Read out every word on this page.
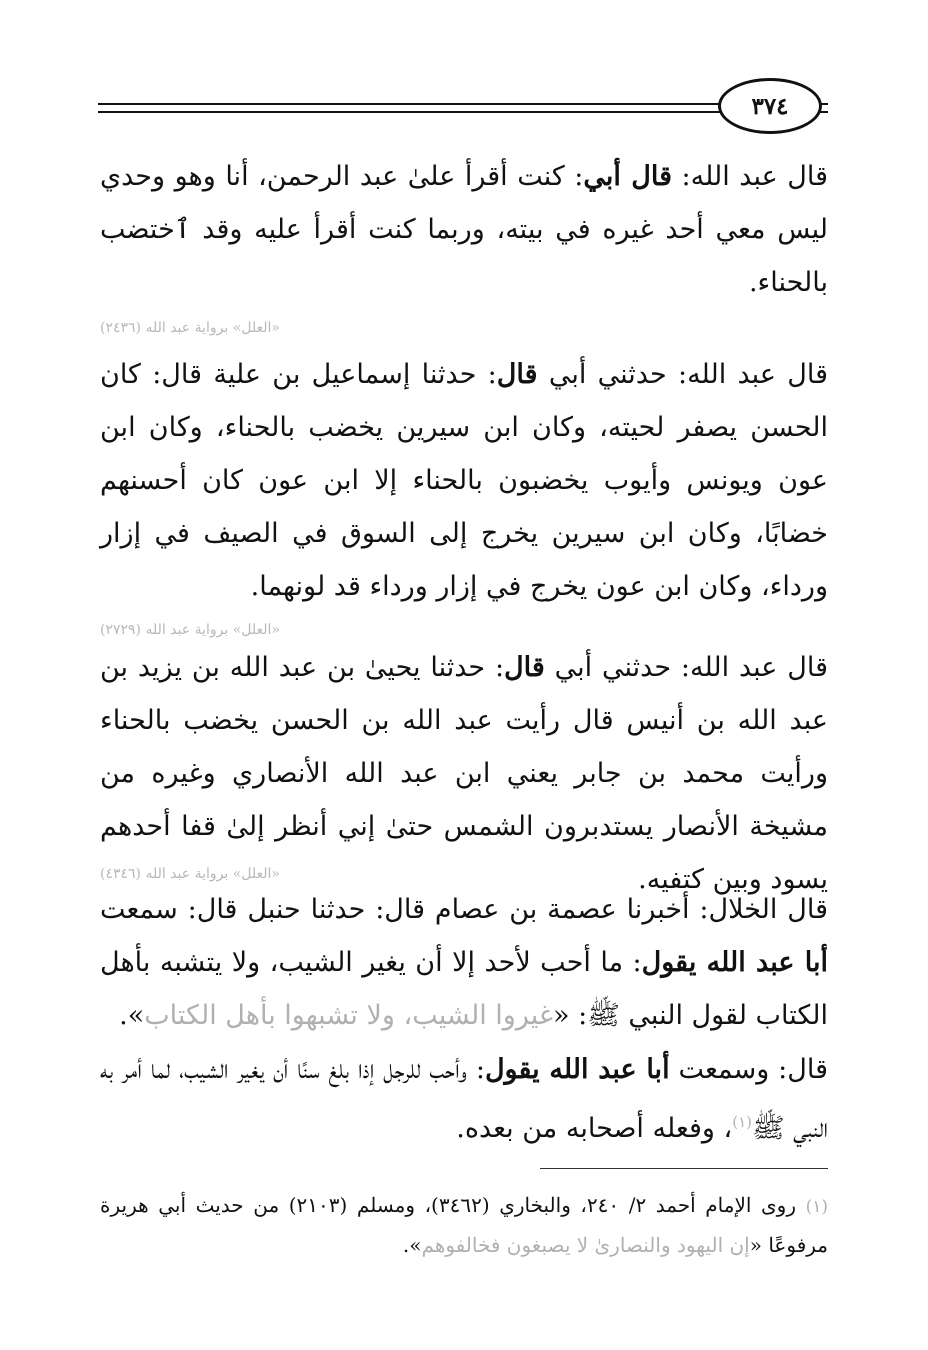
٣٧٤
قال عبد الله: قال أبي: كنت أقرأ علىٰ عبد الرحمن، أنا وهو وحدي ليس معي أحد غيره في بيته، وربما كنت أقرأ عليه وقد ٱختضب بالحناء.
«العلل» برواية عبد الله (٢٤٣٦)
قال عبد الله: حدثني أبي قال: حدثنا إسماعيل بن علية قال: كان الحسن يصفر لحيته، وكان ابن سيرين يخضب بالحناء، وكان ابن عون ويونس وأيوب يخضبون بالحناء إلا ابن عون كان أحسنهم خضابًا، وكان ابن سيرين يخرج إلى السوق في الصيف في إزار ورداء، وكان ابن عون يخرج في إزار ورداء قد لونهما.
«العلل» برواية عبد الله (٢٧٢٩)
قال عبد الله: حدثني أبي قال: حدثنا يحيىٰ بن عبد الله بن يزيد بن عبد الله بن أنيس قال رأيت عبد الله بن الحسن يخضب بالحناء ورأيت محمد بن جابر يعني ابن عبد الله الأنصاري وغيره من مشيخة الأنصار يستدبرون الشمس حتىٰ إني أنظر إلىٰ قفا أحدهم يسود وبين كتفيه.
«العلل» برواية عبد الله (٤٣٤٦)
قال الخلال: أخبرنا عصمة بن عصام قال: حدثنا حنبل قال: سمعت أبا عبد الله يقول: ما أحب لأحد إلا أن يغير الشيب، ولا يتشبه بأهل الكتاب لقول النبي ﷺ: «غيروا الشيب، ولا تشبهوا بأهل الكتاب».
قال: وسمعت أبا عبد الله يقول: وأحب للرجل إذا بلغ سنًا أن يغير الشيب، لما أمر به النبي ﷺ$^{(١)}$، وفعله أصحابه من بعده.
(١) روى الإمام أحمد ٢/ ٢٤٠، والبخاري (٣٤٦٢)، ومسلم (٢١٠٣) من حديث أبي هريرة مرفوعًا «إن اليهود والنصارىٰ لا يصبغون فخالفوهم».
